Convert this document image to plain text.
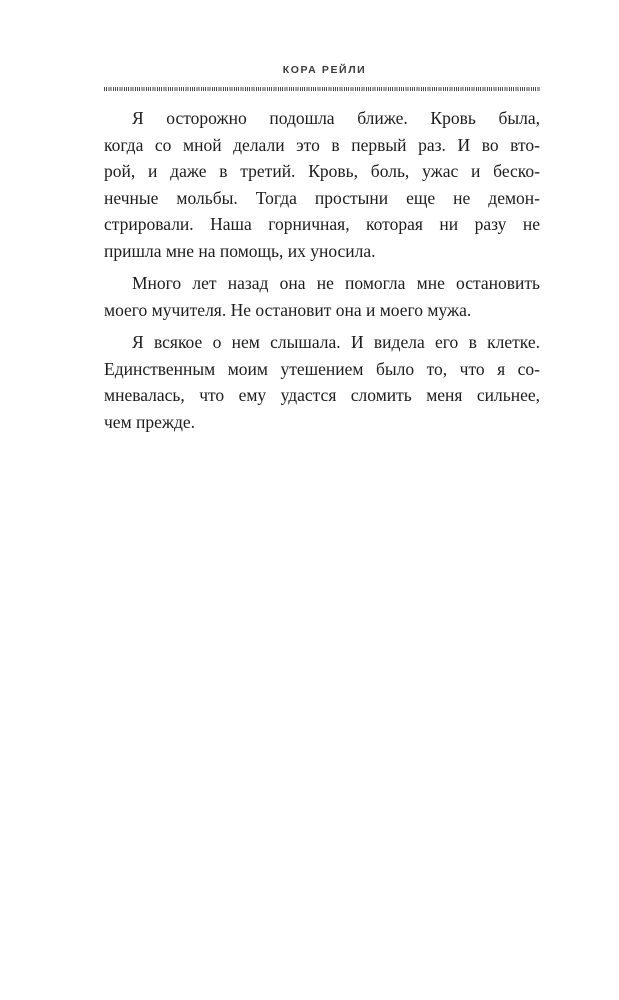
КОРА РЕЙЛИ
Я осторожно подошла ближе. Кровь была,
когда со мной делали это в первый раз. И во вто-
рой, и даже в третий. Кровь, боль, ужас и беско-
нечные мольбы. Тогда простыни еще не демон-
стрировали. Наша горничная, которая ни разу не
пришла мне на помощь, их уносила.
Много лет назад она не помогла мне остановить
моего мучителя. Не остановит она и моего мужа.
Я всякое о нем слышала. И видела его в клетке.
Единственным моим утешением было то, что я со-
мневалась, что ему удастся сломить меня сильнее,
чем прежде.
